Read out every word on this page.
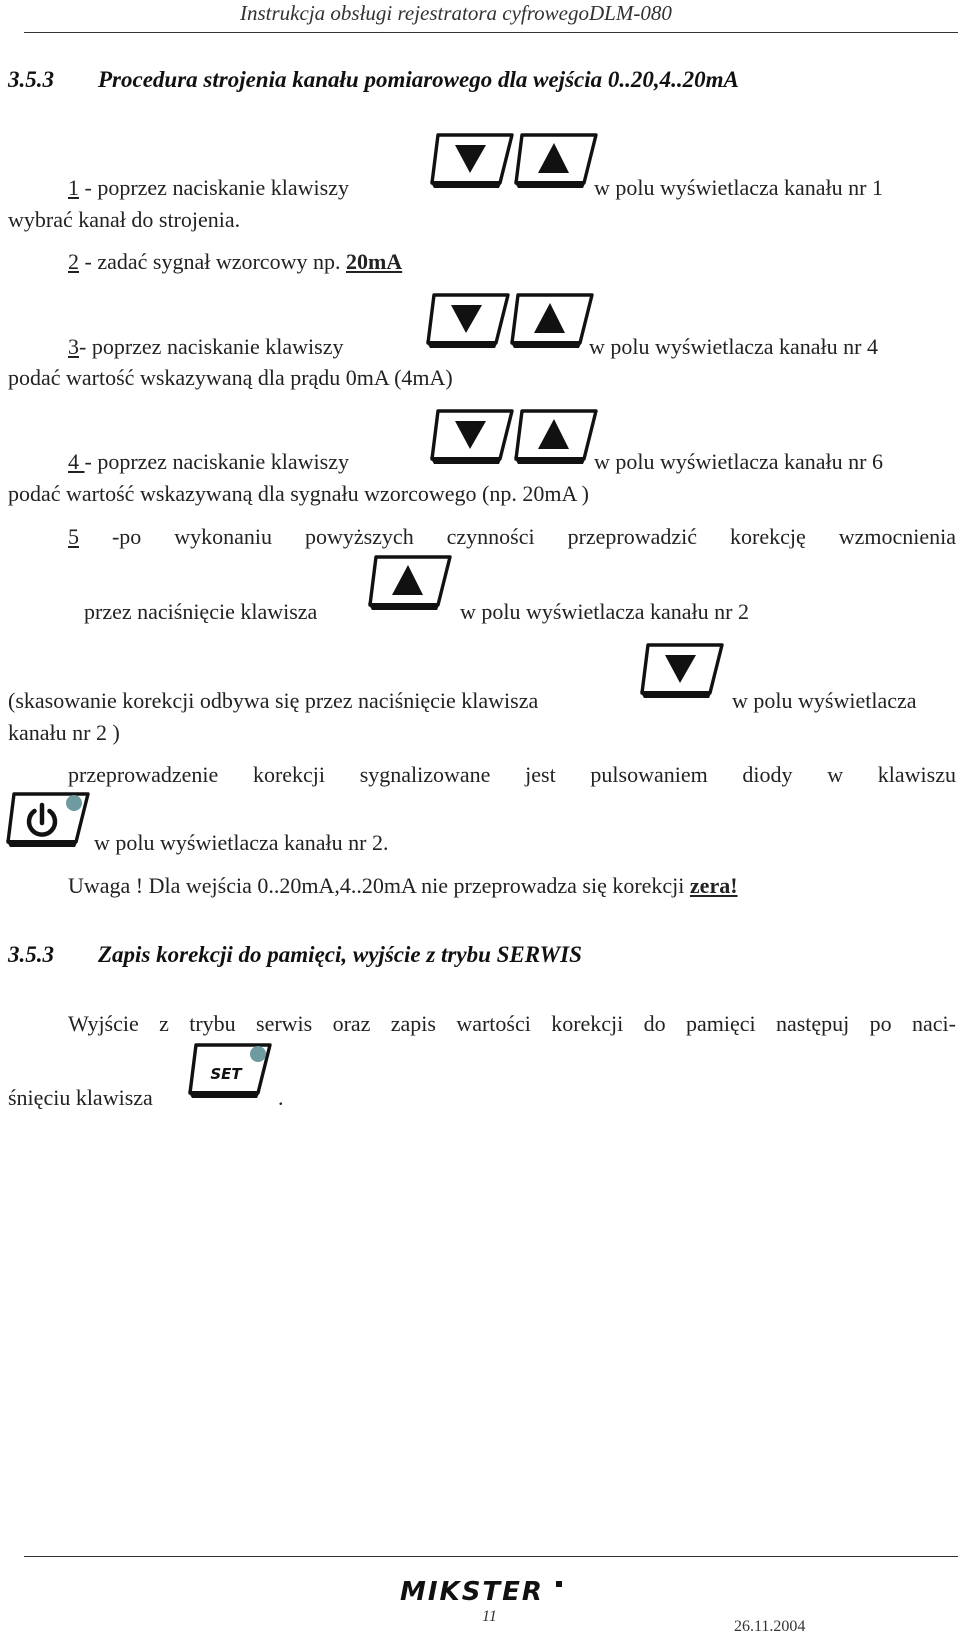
Instrukcja obsługi rejestratora cyfrowegoDLM-080
3.5.3 Procedura strojenia kanału pomiarowego dla wejścia 0..20,4..20mA
1 - poprzez naciskanie klawiszy	w polu wyświetlacza kanału nr 1
wybrać kanał do strojenia.
2 - zadać sygnał wzorcowy np. 20mA
3- poprzez naciskanie klawiszy	w polu wyświetlacza kanału nr 4
podać wartość wskazywaną dla prądu 0mA (4mA)
4 - poprzez naciskanie klawiszy	w polu wyświetlacza kanału nr 6
podać wartość wskazywaną dla sygnału wzorcowego (np. 20mA )
5 -po wykonaniu powyższych czynności przeprowadzić korekcję wzmocnienia
przez naciśnięcie klawisza	w polu wyświetlacza kanału nr 2
(skasowanie korekcji odbywa się przez naciśnięcie klawisza	w polu wyświetlacza
kanału nr 2 )
przeprowadzenie korekcji sygnalizowane jest pulsowaniem diody w klawiszu
w polu wyświetlacza kanału nr 2.
Uwaga ! Dla wejścia 0..20mA,4..20mA nie przeprowadza się korekcji zera!
3.5.3 Zapis korekcji do pamięci, wyjście z trybu SERWIS
Wyjście z trybu serwis oraz zapis wartości korekcji do pamięci następuj po naci-
śnięciu klawisza
SET
.
MIKSTER
11
26.11.2004
